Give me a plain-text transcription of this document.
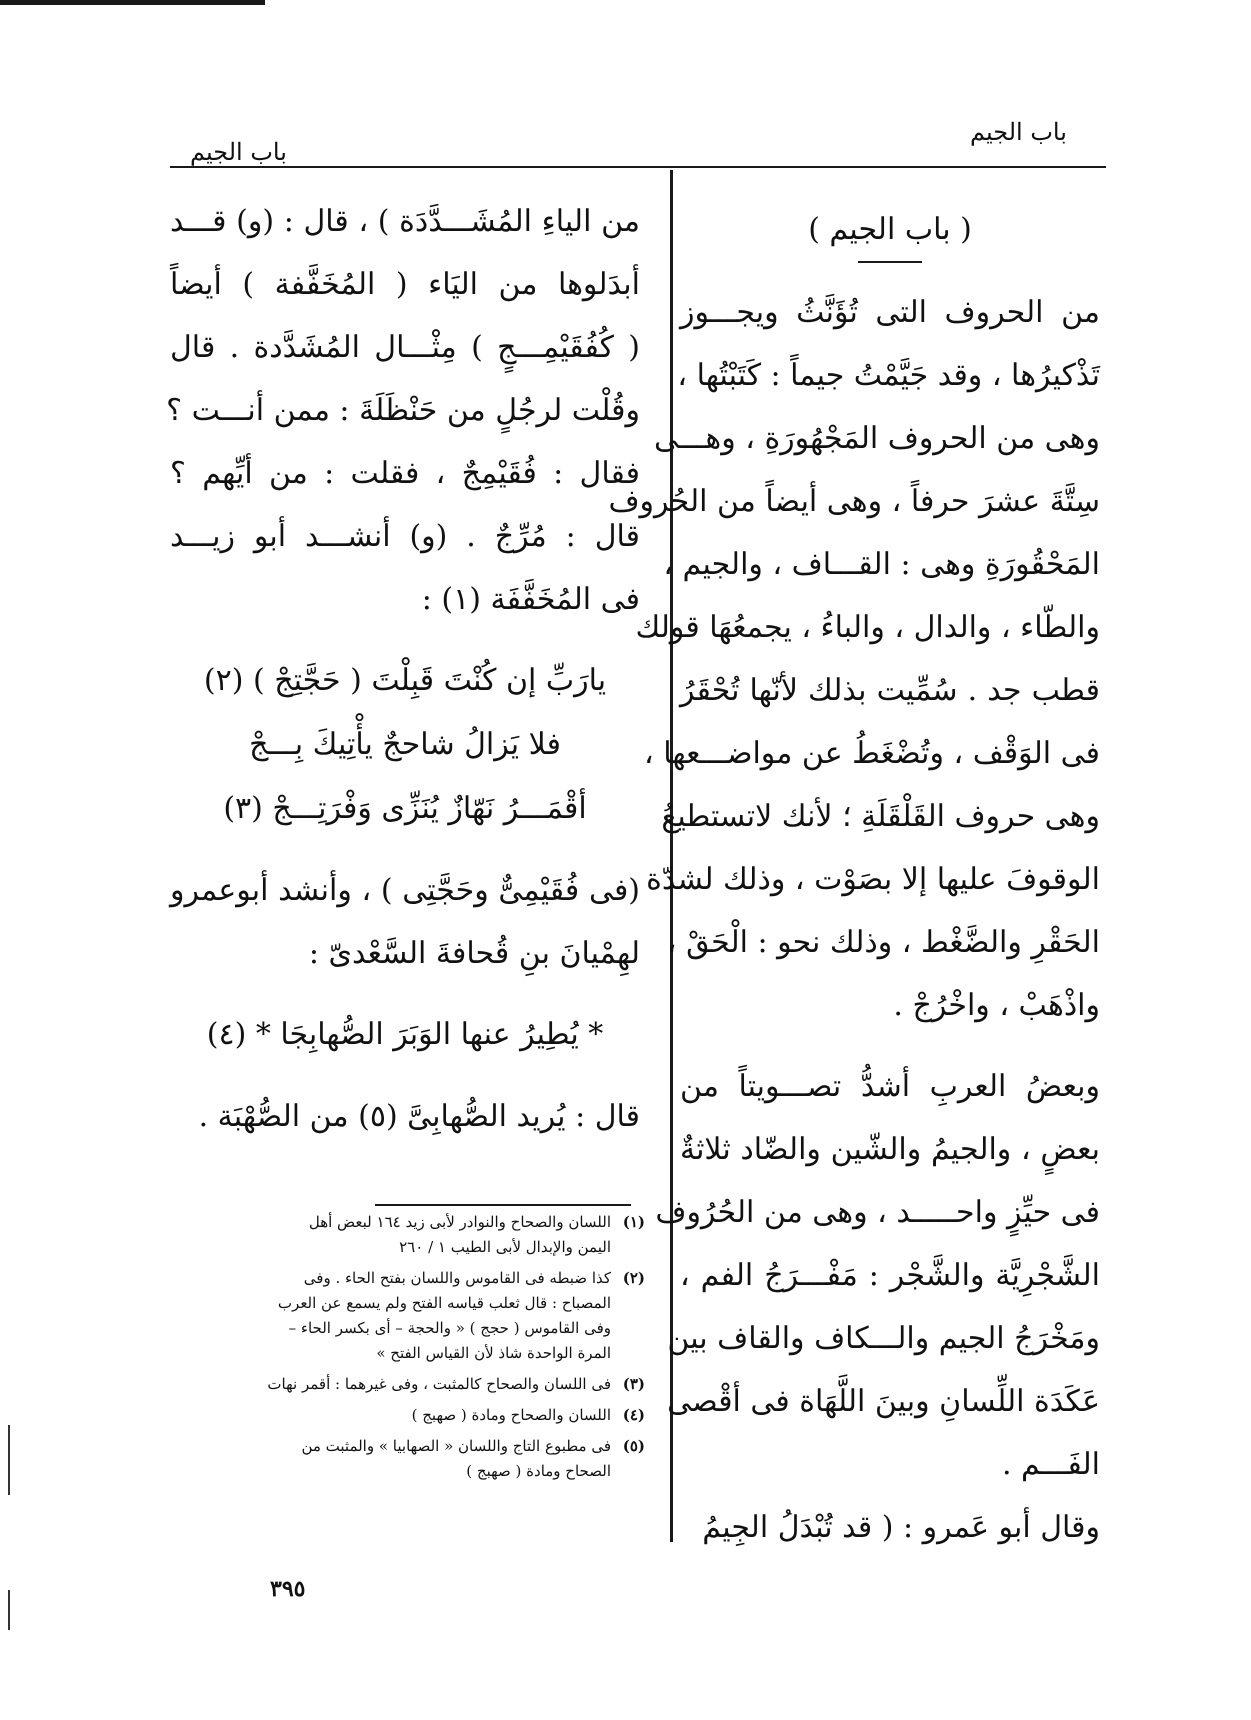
باب الجيم
باب الجيم
( باب الجيم )
من الحروف التى تُؤَنَّثُ ويجـــوز
تَذْكيرُها ، وقد جَيَّمْتُ جيماً : كَتَبْتُها ،
وهى من الحروف المَجْهُورَةِ ، وهـــى
سِتَّةَ عشرَ حرفاً ، وهى أيضاً من الحُروف
المَحْقُورَةِ وهى : القـــاف ، والجيم ،
والطّاء ، والدال ، والباءُ ، يجمعُهَا قولك
قطب جد . سُمِّيت بذلك لأنّها تُحْقَرُ
فى الوَقْف ، وتُضْغَطُ عن مواضـــعها ،
وهى حروف القَلْقَلَةِ ؛ لأنك لاتستطيعُ
الوقوفَ عليها إلا بصَوْت ، وذلك لشدّة
الحَقْرِ والضَّغْط ، وذلك نحو : الْحَقْ ،
واذْهَبْ ، واخْرُجْ .
وبعضُ العربِ أشدُّ تصـــويتاً من
بعضٍ ، والجيمُ والشّين والضّاد ثلاثةٌ
فى حيِّزٍ واحـــــد ، وهى من الحُرُوف
الشَّجْرِيَّة والشَّجْر : مَفْـــرَجُ الفم ،
ومَخْرَجُ الجيم والـــكاف والقاف بين
عَكَدَة اللِّسانِ وبينَ اللَّهَاة فى أقْصى
الفَـــم .
وقال أبو عَمرو : ( قد تُبْدَلُ الجِيمُ
من الياءِ المُشَـــدَّدَة ) ، قال : (و) قـــد
أبدَلوها من اليَاء ( المُخَفَّفة ) أيضاً
( كُفُقَيْمِـــجٍ ) مِثْـــال المُشَدَّدة . قال
وقُلْت لرجُلٍ من حَنْظَلَةَ : ممن أنـــت ؟
فقال : فُقَيْمِجٌ ، فقلت : من أيِّهم ؟
قال : مُرِّجٌ . (و) أنشـــد أبو زيـــد
فى المُخَفَّفَة (١) :
يارَبِّ إن كُنْتَ قَبِلْتَ ( حَجَّتِجْ ) (٢)
فلا يَزالُ شاحجٌ يأْتِيكَ بِـــجْ
أقْمَـــرُ نَهّازٌ يُنَزِّى وَفْرَتِـــجْ (٣)
(فى فُقَيْمِىٌّ وحَجَّتِى ) ، وأنشد أبوعمرو
لهِمْيانَ بنِ قُحافةَ السَّعْدىّ :
* يُطِيرُ عنها الوَبَرَ الصُّهابِجَا * (٤)
قال : يُريد الصُّهابِىَّ (٥) من الصُّهْبَة .
(١)اللسان والصحاح والنوادر لأبى زيد ١٦٤ لبعض أهل
اليمن والإبدال لأبى الطيب ١ / ٢٦٠
(٢)كذا ضبطه فى القاموس واللسان بفتح الحاء . وفى
المصباح : قال ثعلب قياسه الفتح ولم يسمع عن العرب
وفى القاموس ( حجج ) « والحجة – أى بكسر الحاء –
المرة الواحدة شاذ لأن القياس الفتح »
(٣)فى اللسان والصحاح كالمثبت ، وفى غيرهما : أقمر نهات
(٤)اللسان والصحاح ومادة ( صهبج )
(٥)فى مطبوع التاج واللسان « الصهابيا » والمثبت من
الصحاح ومادة ( صهبج )
٣٩٥
